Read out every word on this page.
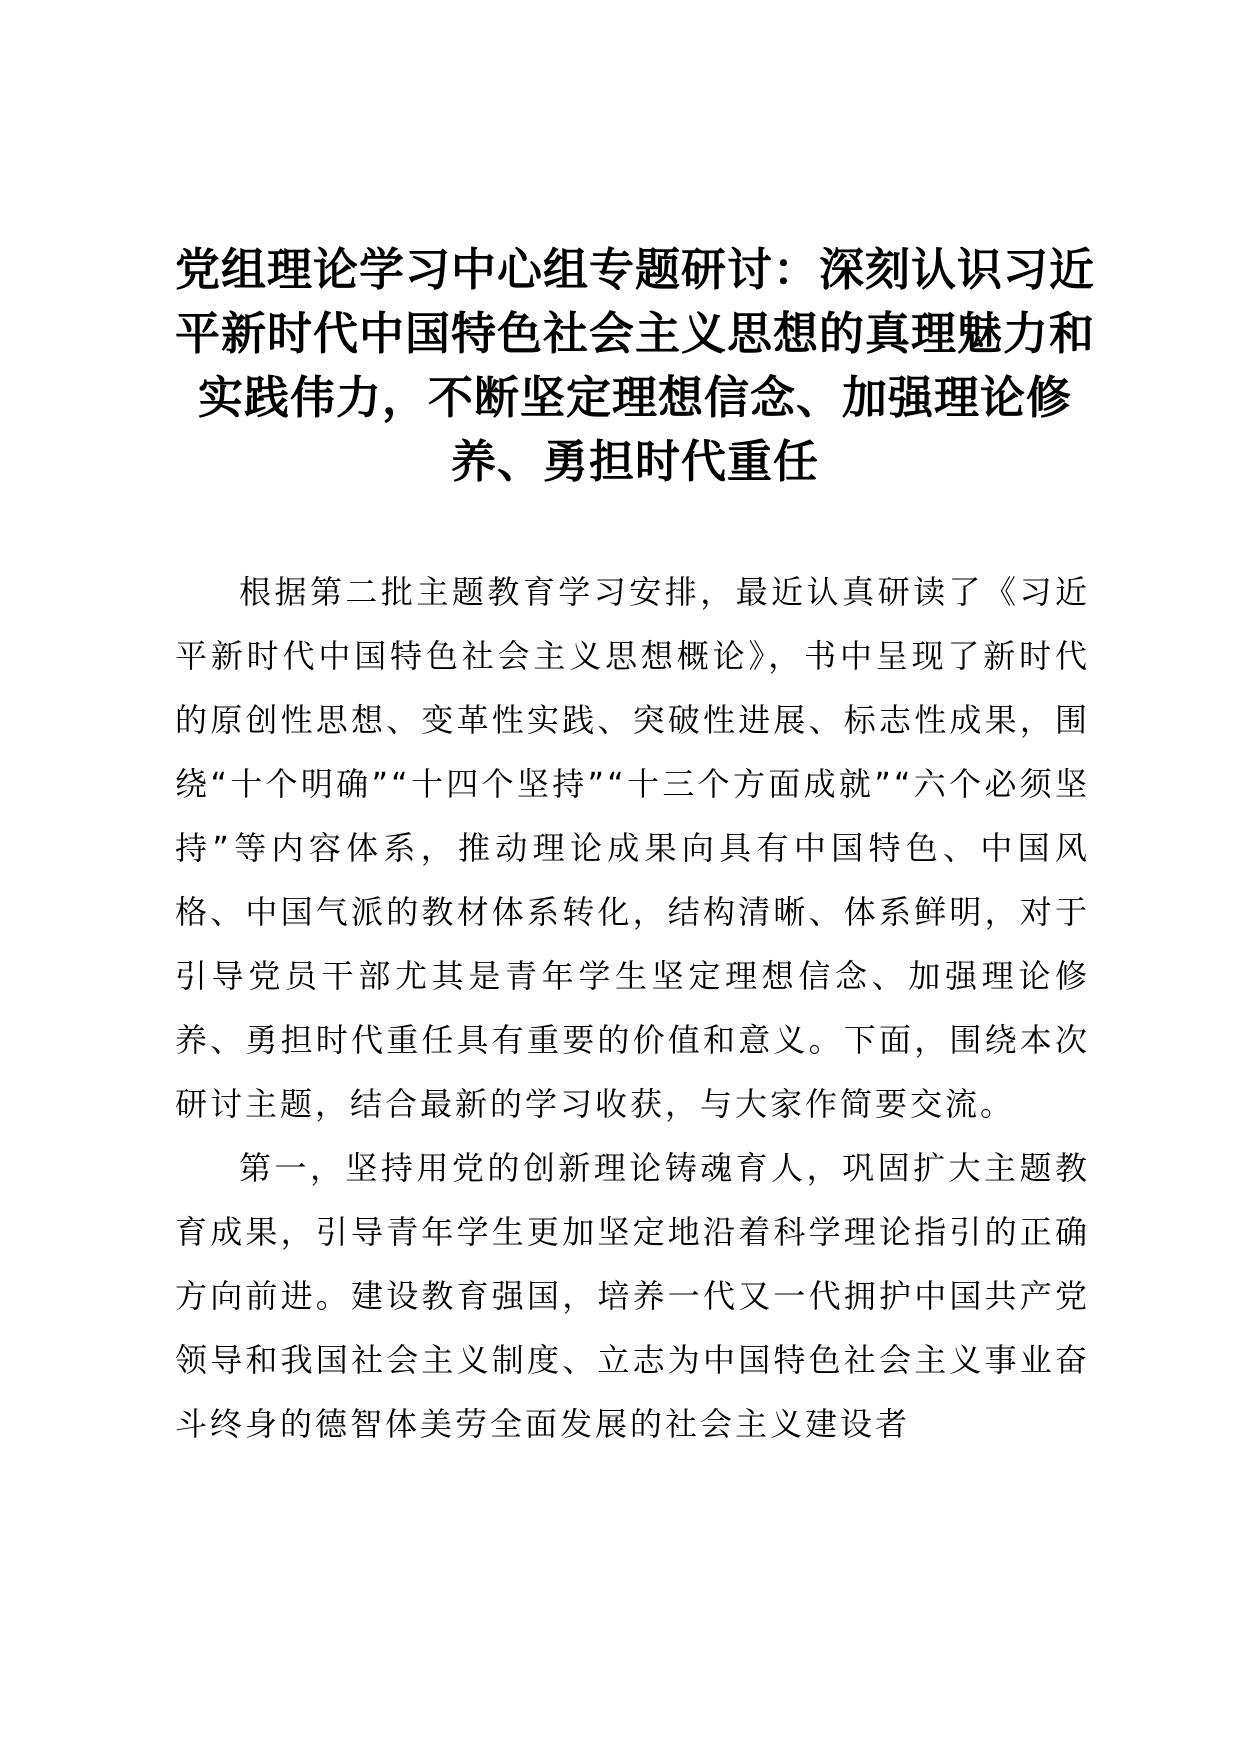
党组理论学习中心组专题研讨：深刻认识习近平新时代中国特色社会主义思想的真理魅力和实践伟力，不断坚定理想信念、加强理论修养、勇担时代重任

根据第二批主题教育学习安排，最近认真研读了《习近平新时代中国特色社会主义思想概论》，书中呈现了新时代的原创性思想、变革性实践、突破性进展、标志性成果，围绕“十个明确”“十四个坚持”“十三个方面成就”“六个必须坚持”等内容体系，推动理论成果向具有中国特色、中国风格、中国气派的教材体系转化，结构清晰、体系鲜明，对于引导党员干部尤其是青年学生坚定理想信念、加强理论修养、勇担时代重任具有重要的价值和意义。下面，围绕本次研讨主题，结合最新的学习收获，与大家作简要交流。

第一，坚持用党的创新理论铸魂育人，巩固扩大主题教育成果，引导青年学生更加坚定地沿着科学理论指引的正确方向前进。建设教育强国，培养一代又一代拥护中国共产党领导和我国社会主义制度、立志为中国特色社会主义事业奋斗终身的德智体美劳全面发展的社会主义建设者
